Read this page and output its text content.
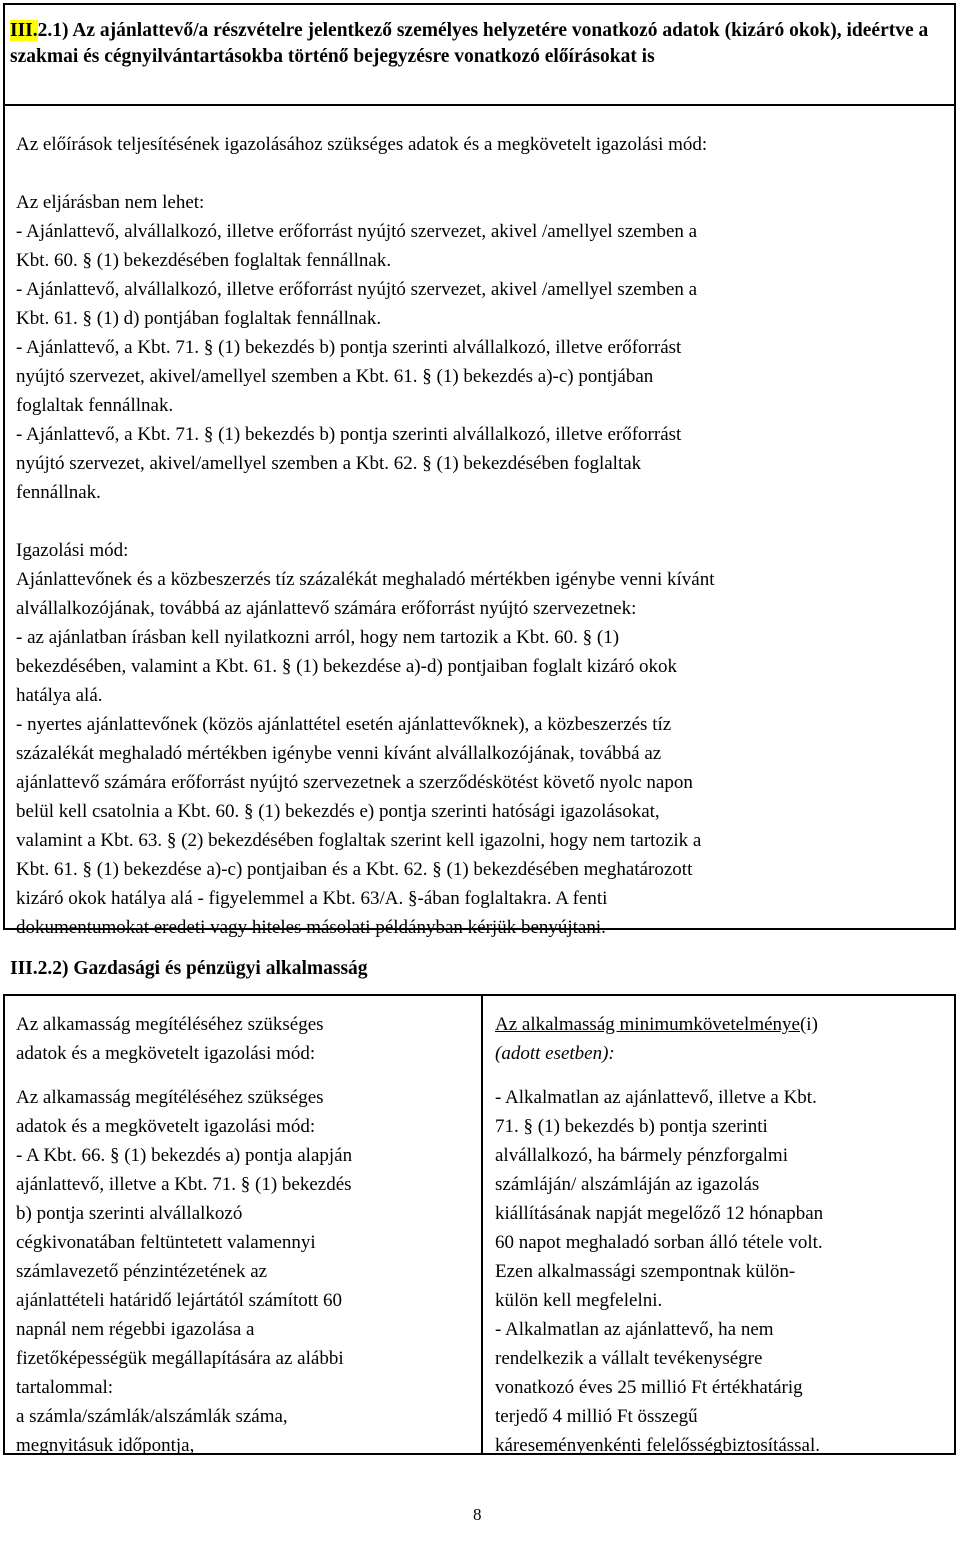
III.2.1) Az ajánlattevő/a részvételre jelentkező személyes helyzetére vonatkozó adatok (kizáró okok), ideértve a szakmai és cégnyilvántartásokba történő bejegyzésre vonatkozó előírásokat is
Az előírások teljesítésének igazolásához szükséges adatok és a megkövetelt igazolási mód:
Az eljárásban nem lehet:
- Ajánlattevő, alvállalkozó, illetve erőforrást nyújtó szervezet, akivel /amellyel szemben a
Kbt. 60. § (1) bekezdésében foglaltak fennállnak.
- Ajánlattevő, alvállalkozó, illetve erőforrást nyújtó szervezet, akivel /amellyel szemben a
Kbt. 61. § (1) d) pontjában foglaltak fennállnak.
- Ajánlattevő, a Kbt. 71. § (1) bekezdés b) pontja szerinti alvállalkozó, illetve erőforrást
nyújtó szervezet, akivel/amellyel szemben a Kbt. 61. § (1) bekezdés a)-c) pontjában
foglaltak fennállnak.
- Ajánlattevő, a Kbt. 71. § (1) bekezdés b) pontja szerinti alvállalkozó, illetve erőforrást
nyújtó szervezet, akivel/amellyel szemben a Kbt. 62. § (1) bekezdésében foglaltak
fennállnak.
Igazolási mód:
Ajánlattevőnek és a közbeszerzés tíz százalékát meghaladó mértékben igénybe venni kívánt
alvállalkozójának, továbbá az ajánlattevő számára erőforrást nyújtó szervezetnek:
- az ajánlatban írásban kell nyilatkozni arról, hogy nem tartozik a Kbt. 60. § (1)
bekezdésében, valamint a Kbt. 61. § (1) bekezdése a)-d) pontjaiban foglalt kizáró okok
hatálya alá.
- nyertes ajánlattevőnek (közös ajánlattétel esetén ajánlattevőknek), a közbeszerzés tíz
százalékát meghaladó mértékben igénybe venni kívánt alvállalkozójának, továbbá az
ajánlattevő számára erőforrást nyújtó szervezetnek a szerződéskötést követő nyolc napon
belül kell csatolnia a Kbt. 60. § (1) bekezdés e) pontja szerinti hatósági igazolásokat,
valamint a Kbt. 63. § (2) bekezdésében foglaltak szerint kell igazolni, hogy nem tartozik a
Kbt. 61. § (1) bekezdése a)-c) pontjaiban és a Kbt. 62. § (1) bekezdésében meghatározott
kizáró okok hatálya alá - figyelemmel a Kbt. 63/A. §-ában foglaltakra. A fenti
dokumentumokat eredeti vagy hiteles másolati példányban kérjük benyújtani.
III.2.2) Gazdasági és pénzügyi alkalmasság
Az alkamasság megítéléséhez szükséges
adatok és a megkövetelt igazolási mód:
Az alkamasság megítéléséhez szükséges
adatok és a megkövetelt igazolási mód:
- A Kbt. 66. § (1) bekezdés a) pontja alapján
ajánlattevő, illetve a Kbt. 71. § (1) bekezdés
b) pontja szerinti alvállalkozó
cégkivonatában feltüntetett valamennyi
számlavezető pénzintézetének az
ajánlattételi határidő lejártától számított 60
napnál nem régebbi igazolása a
fizetőképességük megállapítására az alábbi
tartalommal:
a számla/számlák/alszámlák száma,
megnyitásuk időpontja,
Az alkalmasság minimumkövetelménye(i)
(adott esetben):
- Alkalmatlan az ajánlattevő, illetve a Kbt.
71. § (1) bekezdés b) pontja szerinti
alvállalkozó, ha bármely pénzforgalmi
számláján/ alszámláján az igazolás
kiállításának napját megelőző 12 hónapban
60 napot meghaladó sorban álló tétele volt.
Ezen alkalmassági szempontnak külön-
külön kell megfelelni.
- Alkalmatlan az ajánlattevő, ha nem
rendelkezik a vállalt tevékenységre
vonatkozó éves 25 millió Ft értékhatárig
terjedő 4 millió Ft összegű
káreseményenkénti felelősségbiztosítással.
8
